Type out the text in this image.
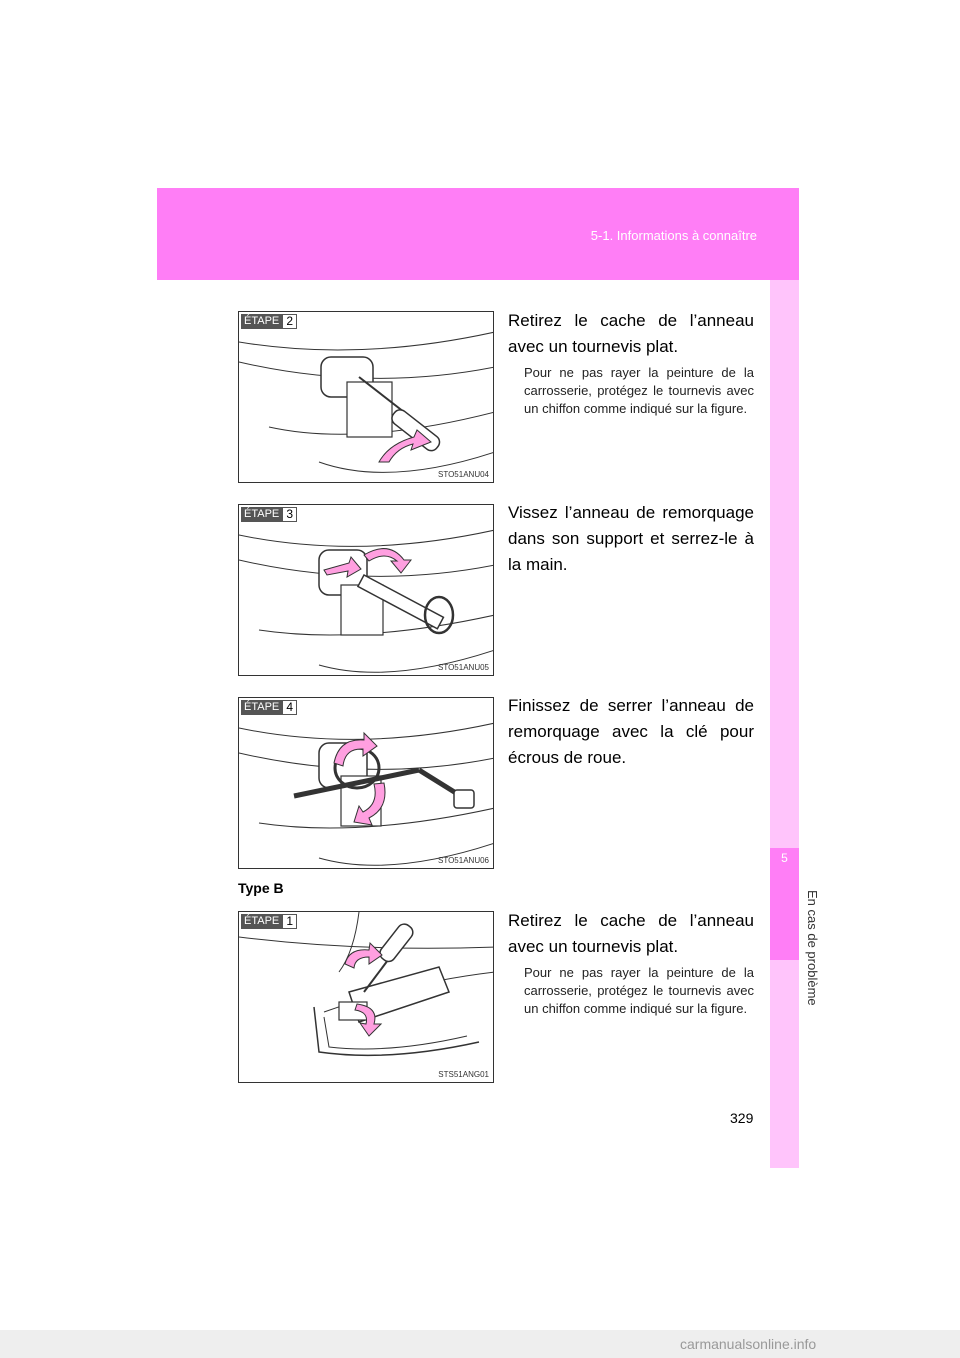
5-1. Informations à connaître
5
En cas de problème
ÉTAPE 2
STO51ANU04
Retirez le cache de l’anneau avec un tournevis plat.
Pour ne pas rayer la peinture de la carrosserie, protégez le tournevis avec un chiffon comme indiqué sur la figure.
ÉTAPE 3
STO51ANU05
Vissez l’anneau de remorquage dans son support et serrez-le à la main.
ÉTAPE 4
STO51ANU06
Finissez de serrer l’anneau de remorquage avec la clé pour écrous de roue.
Type B
ÉTAPE 1
STS51ANG01
Retirez le cache de l’anneau avec un tournevis plat.
Pour ne pas rayer la peinture de la carrosserie, protégez le tournevis avec un chiffon comme indiqué sur la figure.
329
carmanualsonline.info
